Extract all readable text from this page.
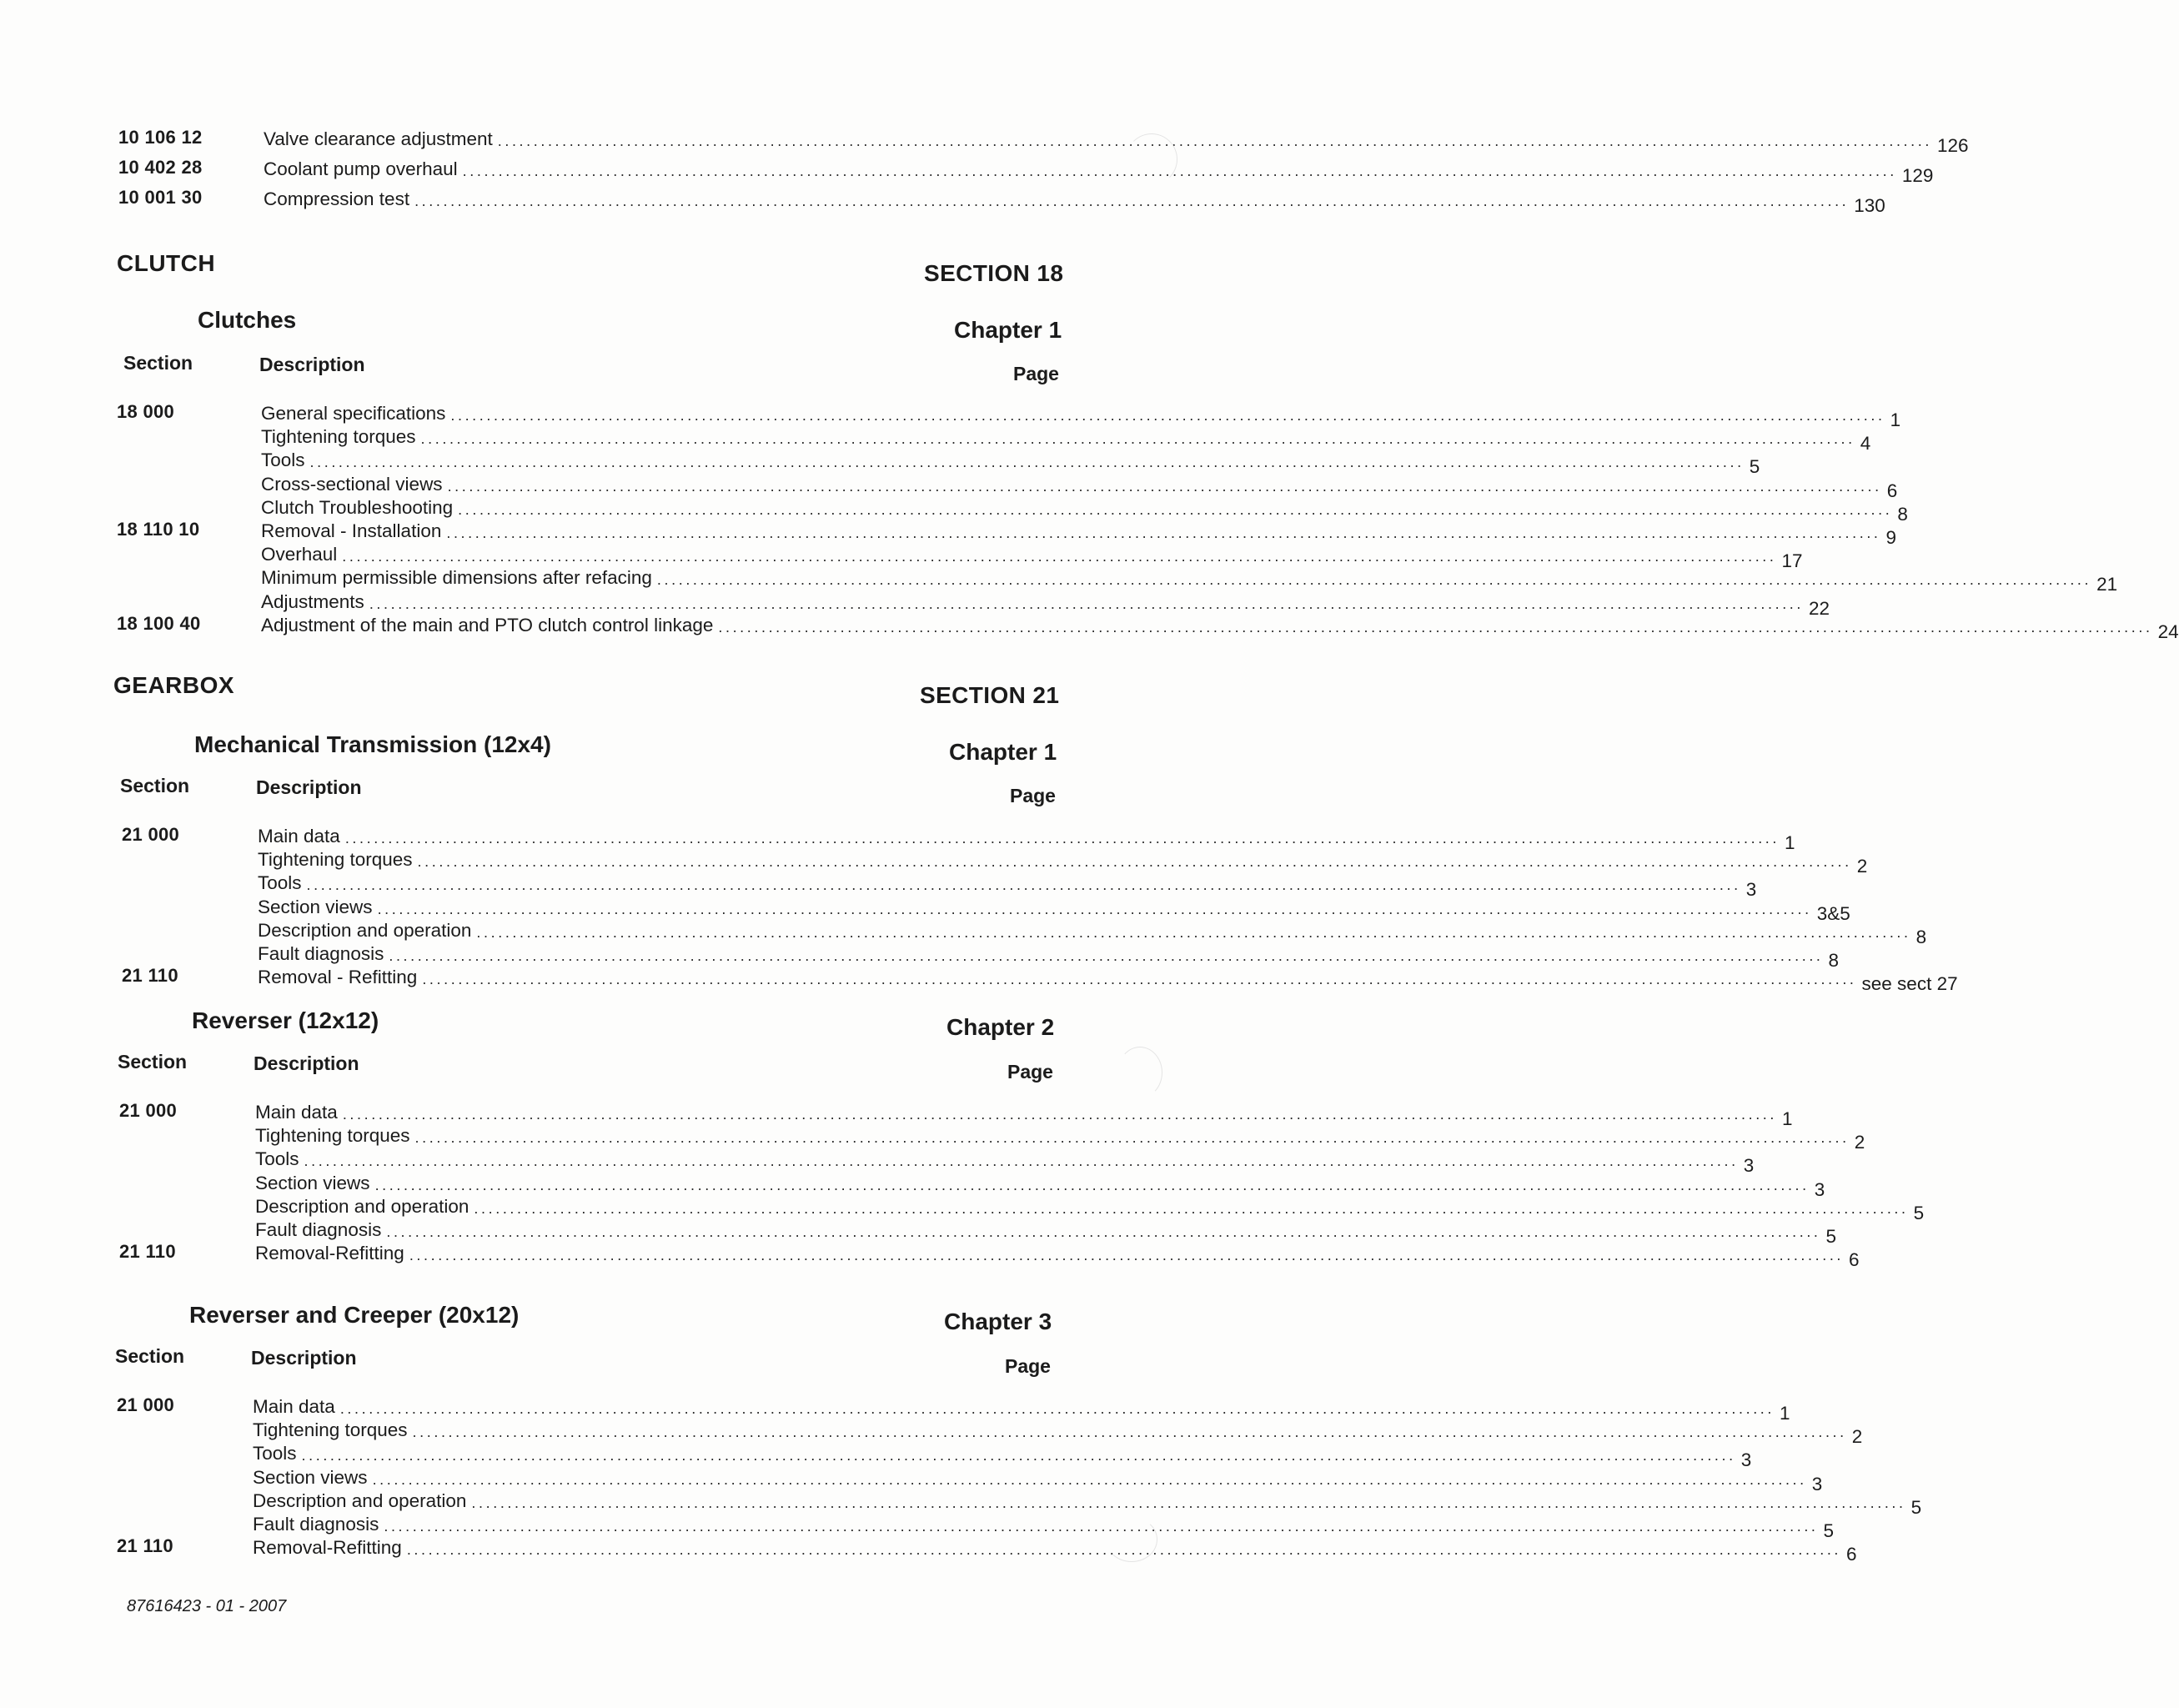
10 106 12	Valve clearance adjustment ........................................................................................................................................................................................................ 126
10 402 28	Coolant pump overhaul ........................................................................................................................................................................................................ 129
10 001 30	Compression test ........................................................................................................................................................................................................ 130
CLUTCH	SECTION 18
Clutches	Chapter 1
Section	Description	Page
18 000	General specifications ........................................................................................................................................................................................................ 1
Tightening torques ........................................................................................................................................................................................................ 4
Tools ........................................................................................................................................................................................................ 5
Cross-sectional views ........................................................................................................................................................................................................ 6
Clutch Troubleshooting ........................................................................................................................................................................................................ 8
18 110 10	Removal - Installation ........................................................................................................................................................................................................ 9
Overhaul ........................................................................................................................................................................................................ 17
Minimum permissible dimensions after refacing ........................................................................................................................................................................................................ 21
Adjustments ........................................................................................................................................................................................................ 22
18 100 40	Adjustment of the main and PTO clutch control linkage ........................................................................................................................................................................................................ 24
GEARBOX	SECTION 21
Mechanical Transmission (12x4)	Chapter 1
Section	Description	Page
21 000	Main data ........................................................................................................................................................................................................ 1
Tightening torques ........................................................................................................................................................................................................ 2
Tools ........................................................................................................................................................................................................ 3
Section views ........................................................................................................................................................................................................ 3&5
Description and operation ........................................................................................................................................................................................................ 8
Fault diagnosis ........................................................................................................................................................................................................ 8
21 110	Removal - Refitting ........................................................................................................................................................................................................ see sect 27
Reverser (12x12)	Chapter 2
Section	Description	Page
21 000	Main data ........................................................................................................................................................................................................ 1
Tightening torques ........................................................................................................................................................................................................ 2
Tools ........................................................................................................................................................................................................ 3
Section views ........................................................................................................................................................................................................ 3
Description and operation ........................................................................................................................................................................................................ 5
Fault diagnosis ........................................................................................................................................................................................................ 5
21 110	Removal-Refitting ........................................................................................................................................................................................................ 6
Reverser and Creeper (20x12)	Chapter 3
Section	Description	Page
21 000	Main data ........................................................................................................................................................................................................ 1
Tightening torques ........................................................................................................................................................................................................ 2
Tools ........................................................................................................................................................................................................ 3
Section views ........................................................................................................................................................................................................ 3
Description and operation ........................................................................................................................................................................................................ 5
Fault diagnosis ........................................................................................................................................................................................................ 5
21 110	Removal-Refitting ........................................................................................................................................................................................................ 6
87616423 - 01 - 2007
